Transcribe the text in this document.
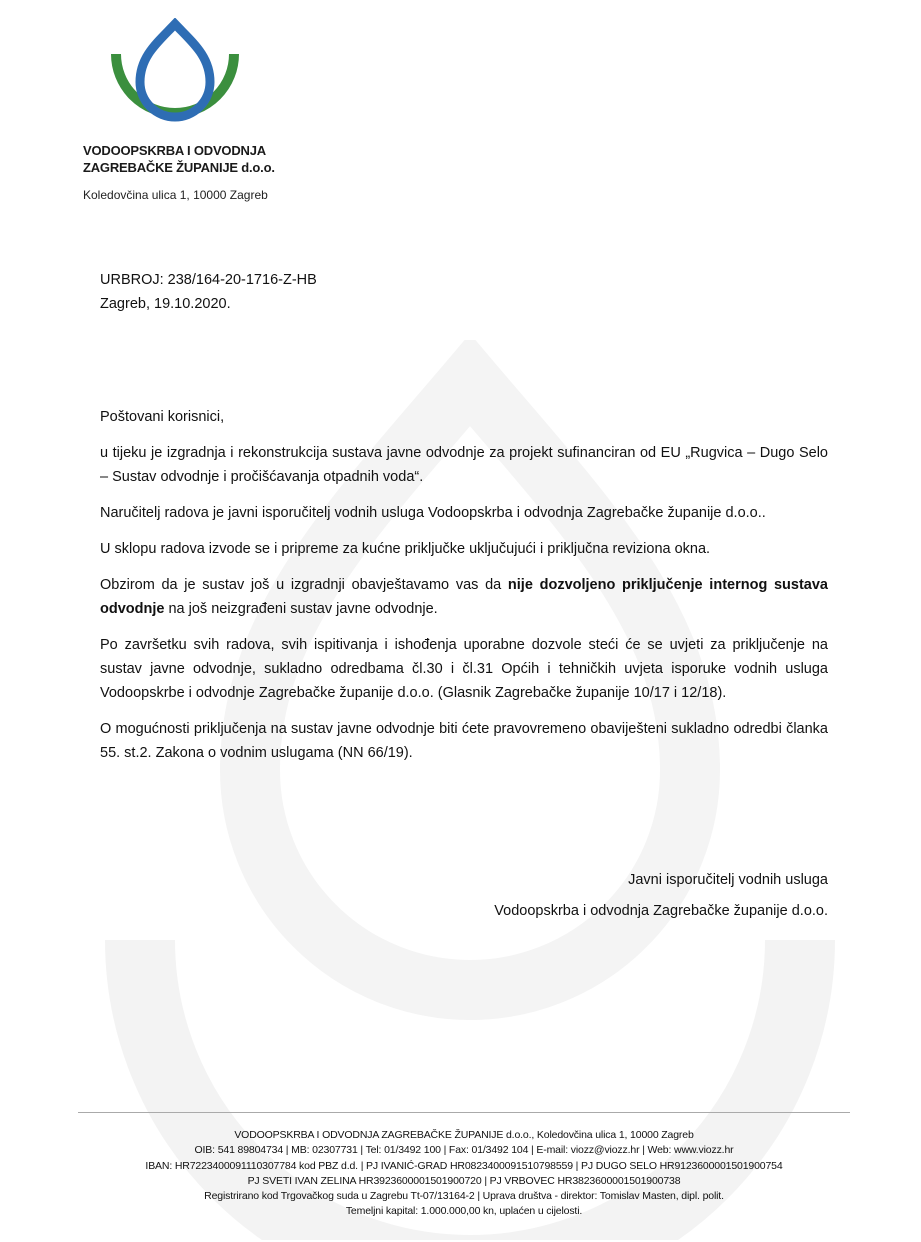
VODOOPSKRBA I ODVODNJA
ZAGREBAČKE ŽUPANIJE d.o.o.
Koledovčina ulica 1, 10000 Zagreb
URBROJ: 238/164-20-1716-Z-HB
Zagreb, 19.10.2020.

Poštovani korisnici,

u tijeku je izgradnja i rekonstrukcija sustava javne odvodnje za projekt sufinanciran od EU „Rugvica – Dugo Selo – Sustav odvodnje i pročišćavanja otpadnih voda“.

Naručitelj radova je javni isporučitelj vodnih usluga Vodoopskrba i odvodnja Zagrebačke županije d.o.o..

U sklopu radova izvode se i pripreme za kućne priključke uključujući i priključna reviziona okna.

Obzirom da je sustav još u izgradnji obavještavamo vas da nije dozvoljeno priključenje internog sustava odvodnje na još neizgrađeni sustav javne odvodnje.

Po završetku svih radova, svih ispitivanja i ishođenja uporabne dozvole steći će se uvjeti za priključenje na sustav javne odvodnje, sukladno odredbama čl.30 i čl.31 Općih i tehničkih uvjeta isporuke vodnih usluga Vodoopskrbe i odvodnje Zagrebačke županije d.o.o. (Glasnik Zagrebačke županije 10/17 i 12/18).

O mogućnosti priključenja na sustav javne odvodnje biti ćete pravovremeno obaviješteni sukladno odredbi članka 55. st.2. Zakona o vodnim uslugama (NN 66/19).

Javni isporučitelj vodnih usluga
Vodoopskrba i odvodnja Zagrebačke županije d.o.o.
VODOOPSKRBA I ODVODNJA ZAGREBAČKE ŽUPANIJE d.o.o., Koledovčina ulica 1, 10000 Zagreb
OIB: 541 89804734 | MB: 02307731 | Tel: 01/3492 100 | Fax: 01/3492 104 | E-mail: viozz@viozz.hr | Web: www.viozz.hr
IBAN: HR7223400091110307784 kod PBZ d.d. | PJ IVANIĆ-GRAD HR0823400091510798559 | PJ DUGO SELO HR9123600001501900754
PJ SVETI IVAN ZELINA HR3923600001501900720 | PJ VRBOVEC HR3823600001501900738
Registrirano kod Trgovačkog suda u Zagrebu Tt-07/13164-2 | Uprava društva - direktor: Tomislav Masten, dipl. polit.
Temeljni kapital: 1.000.000,00 kn, uplaćen u cijelosti.
